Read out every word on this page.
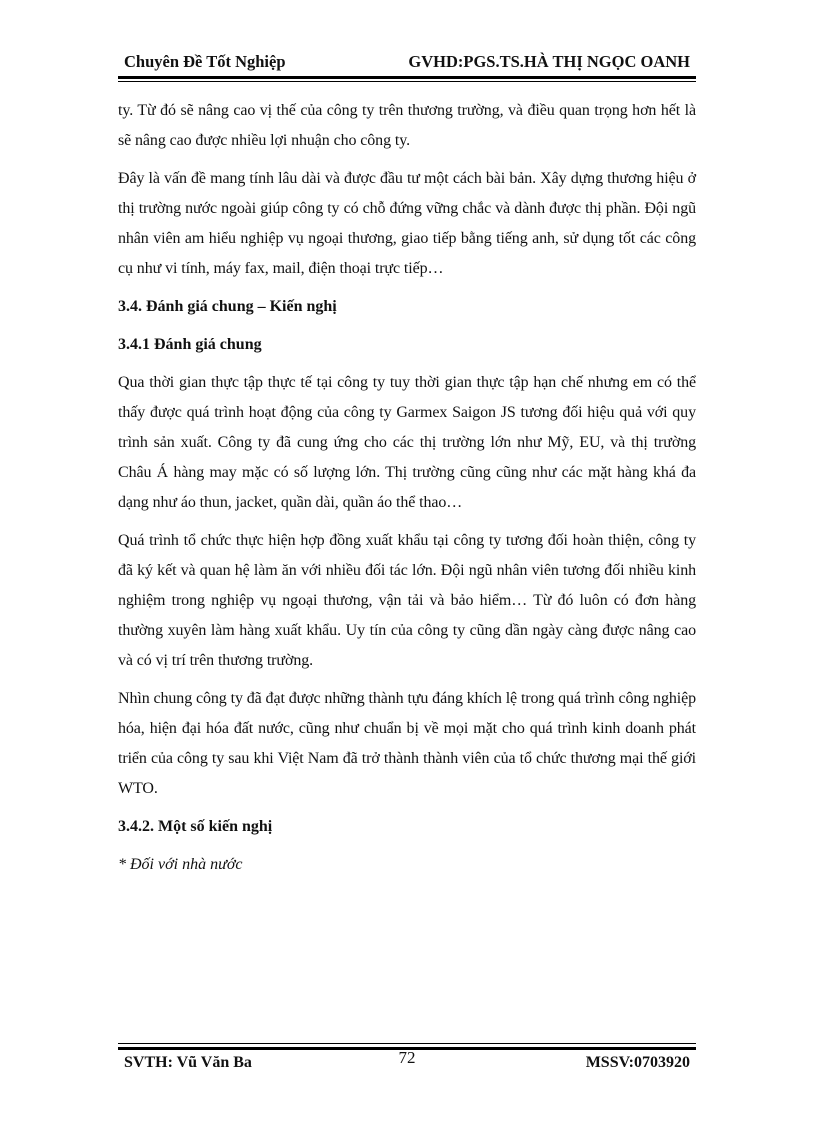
Chuyên Đề Tốt Nghiệp	GVHD:PGS.TS.HÀ THỊ NGỌC OANH

ty. Từ đó sẽ nâng cao vị thế của công ty trên thương trường, và điều quan trọng hơn hết là sẽ nâng cao được nhiều lợi nhuận cho công ty.

Đây là vấn đề mang tính lâu dài và được đầu tư một cách bài bản. Xây dựng thương hiệu ở thị trường nước ngoài giúp công ty có chỗ đứng vững chắc và dành được thị phần. Đội ngũ nhân viên am hiểu nghiệp vụ ngoại thương, giao tiếp bằng tiếng anh, sử dụng tốt các công cụ như vi tính, máy fax, mail, điện thoại trực tiếp…

3.4. Đánh giá chung – Kiến nghị

3.4.1 Đánh giá chung

Qua thời gian thực tập thực tế tại công ty tuy thời gian thực tập hạn chế nhưng em có thể thấy được quá trình hoạt động của công ty Garmex Saigon JS tương đối hiệu quả với quy trình sản xuất. Công ty đã cung ứng cho các thị trường lớn như Mỹ, EU, và thị trường Châu Á hàng may mặc có số lượng lớn. Thị trường cũng cũng như các mặt hàng khá đa dạng như áo thun, jacket, quần dài, quần áo thể thao…

Quá trình tổ chức thực hiện hợp đồng xuất khẩu tại công ty tương đối hoàn thiện, công ty đã ký kết và quan hệ làm ăn với nhiều đối tác lớn. Đội ngũ nhân viên tương đối nhiều kinh nghiệm trong nghiệp vụ ngoại thương, vận tải và bảo hiểm… Từ đó luôn có đơn hàng thường xuyên làm hàng xuất khẩu. Uy tín của công ty cũng dần ngày càng được nâng cao và có vị trí trên thương trường.

Nhìn chung công ty đã đạt được những thành tựu đáng khích lệ trong quá trình công nghiệp hóa, hiện đại hóa đất nước, cũng như chuẩn bị về mọi mặt cho quá trình kinh doanh phát triển của công ty sau khi Việt Nam đã trở thành thành viên của tổ chức thương mại thế giới WTO.

3.4.2. Một số kiến nghị

* Đối với nhà nước

SVTH: Vũ Văn Ba	72	MSSV:0703920
